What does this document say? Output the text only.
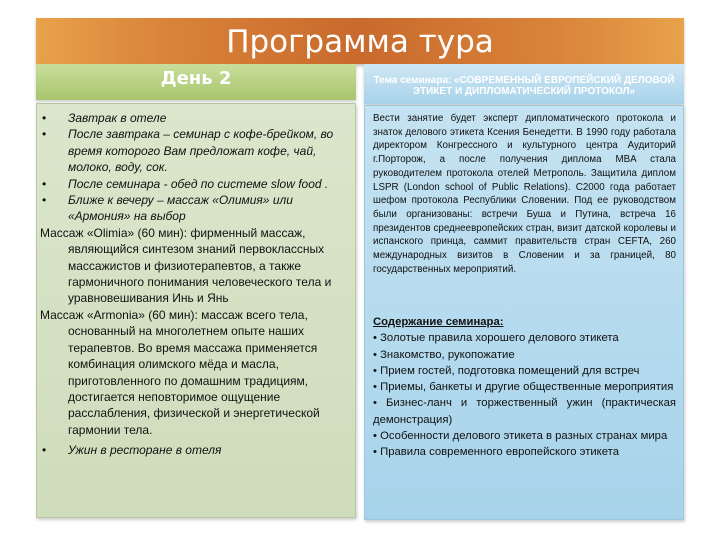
Программа тура
День 2
• Завтрак в отеле
• После завтрака – семинар с кофе-брейком, во время которого Вам предложат кофе, чай, молоко, воду, сок.
• После семинара - обед по системе slow food .
• Ближе к вечеру – массаж «Олимия» или «Армония» на выбор
Массаж «Olimia» (60 мин): фирменный массаж, являющийся синтезом знаний первоклассных массажистов и физиотерапевтов, а также гармоничного понимания человеческого тела и уравновешивания Инь и Янь
Массаж «Armonia» (60 мин): массаж всего тела, основанный на многолетнем опыте наших терапевтов. Во время массажа применяется комбинация олимского мёда и масла, приготовленного по домашним традициям, достигается неповторимое ощущение расслабления, физической и энергетической гармонии тела.
• Ужин в ресторане в отеля
Тема семинара: «СОВРЕМЕННЫЙ ЕВРОПЕЙСКИЙ ДЕЛОВОЙ ЭТИКЕТ И ДИПЛОМАТИЧЕСКИЙ ПРОТОКОЛ»
Вести занятие будет эксперт дипломатического протокола и знаток делового этикета Ксения Бенедетти. В 1990 году работала директором Конгрессного и культурного центра Аудиторий г.Порторож, а после получения диплома MBA стала руководителем протокола отелей Метрополь. Защитила диплом LSPR (London school of Public Relations). С2000 года работает шефом протокола Республики Словении. Под ее руководством были организованы: встречи Буша и Путина, встреча 16 президентов среднеевропейских стран, визит датской королевы и испанского принца, саммит правительств стран CEFTA, 260 международных визитов в Словении и за границей, 80 государственных мероприятий.
Содержание семинара:
• Золотые правила хорошего делового этикета
• Знакомство, рукопожатие
• Прием гостей, подготовка помещений для встреч
• Приемы, банкеты и другие общественные мероприятия
• Бизнес-ланч и торжественный ужин (практическая демонстрация)
• Особенности делового этикета в разных странах мира
• Правила современного европейского этикета
